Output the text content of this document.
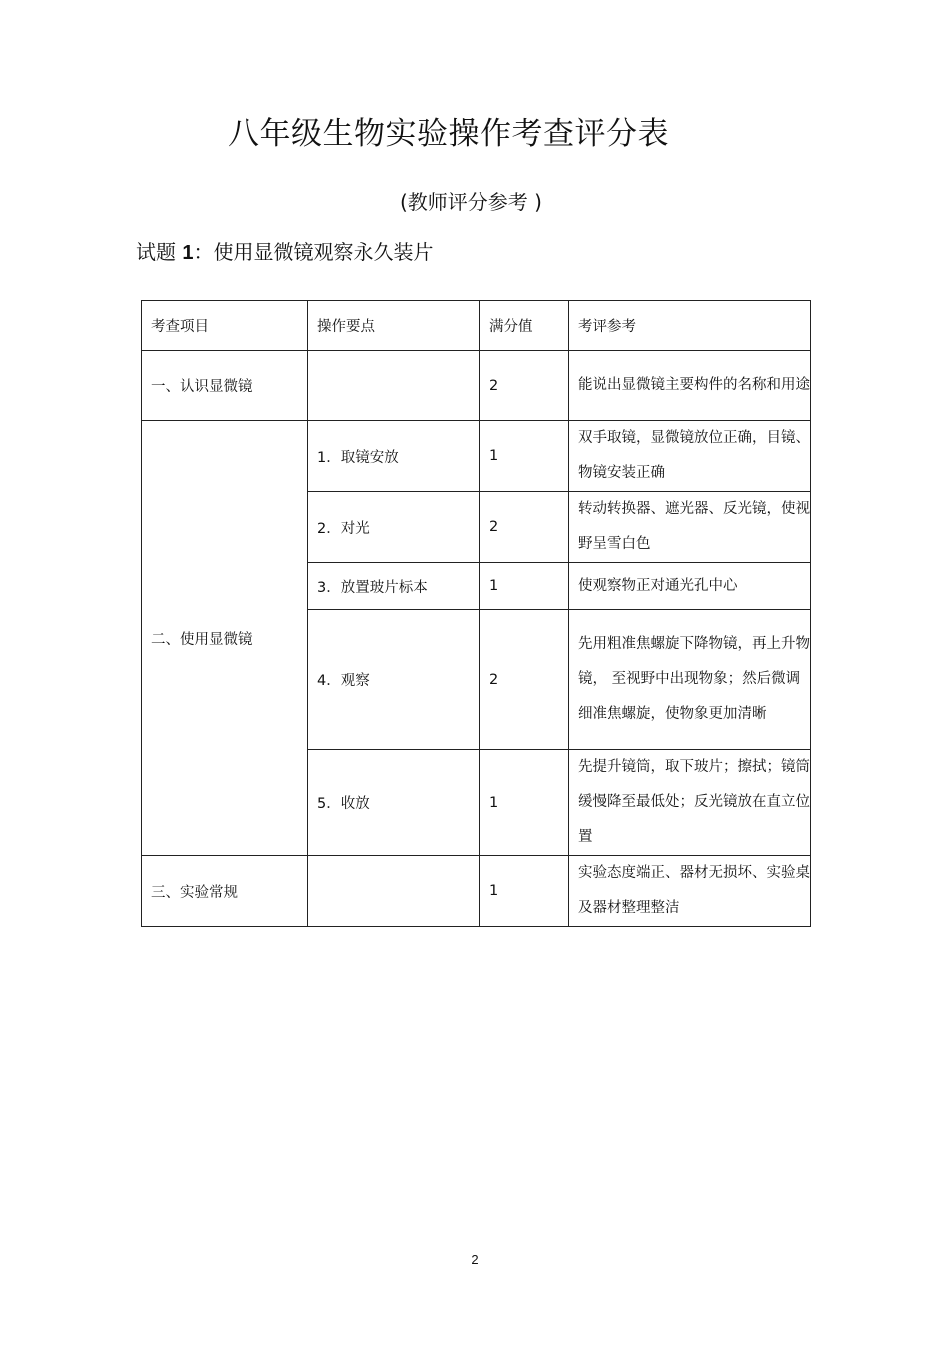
八年级生物实验操作考查评分表
(教师评分参考 )
试题 1：使用显微镜观察永久装片
考查项目	操作要点	满分值	考评参考
一、认识显微镜		2	能说出显微镜主要构件的名称和用途
二、使用显微镜	1．取镜安放	1	双手取镜，显微镜放位正确，目镜、物镜安装正确
	2．对光	2	转动转换器、遮光器、反光镜，使视野呈雪白色
	3．放置玻片标本	1	使观察物正对通光孔中心
	4．观察	2	先用粗准焦螺旋下降物镜，再上升物镜， 至视野中出现物象；然后微调细准焦螺旋，使物象更加清晰
	5．收放	1	先提升镜筒，取下玻片；擦拭；镜筒缓慢降至最低处；反光镜放在直立位置
三、实验常规		1	实验态度端正、器材无损坏、实验桌及器材整理整洁
2
